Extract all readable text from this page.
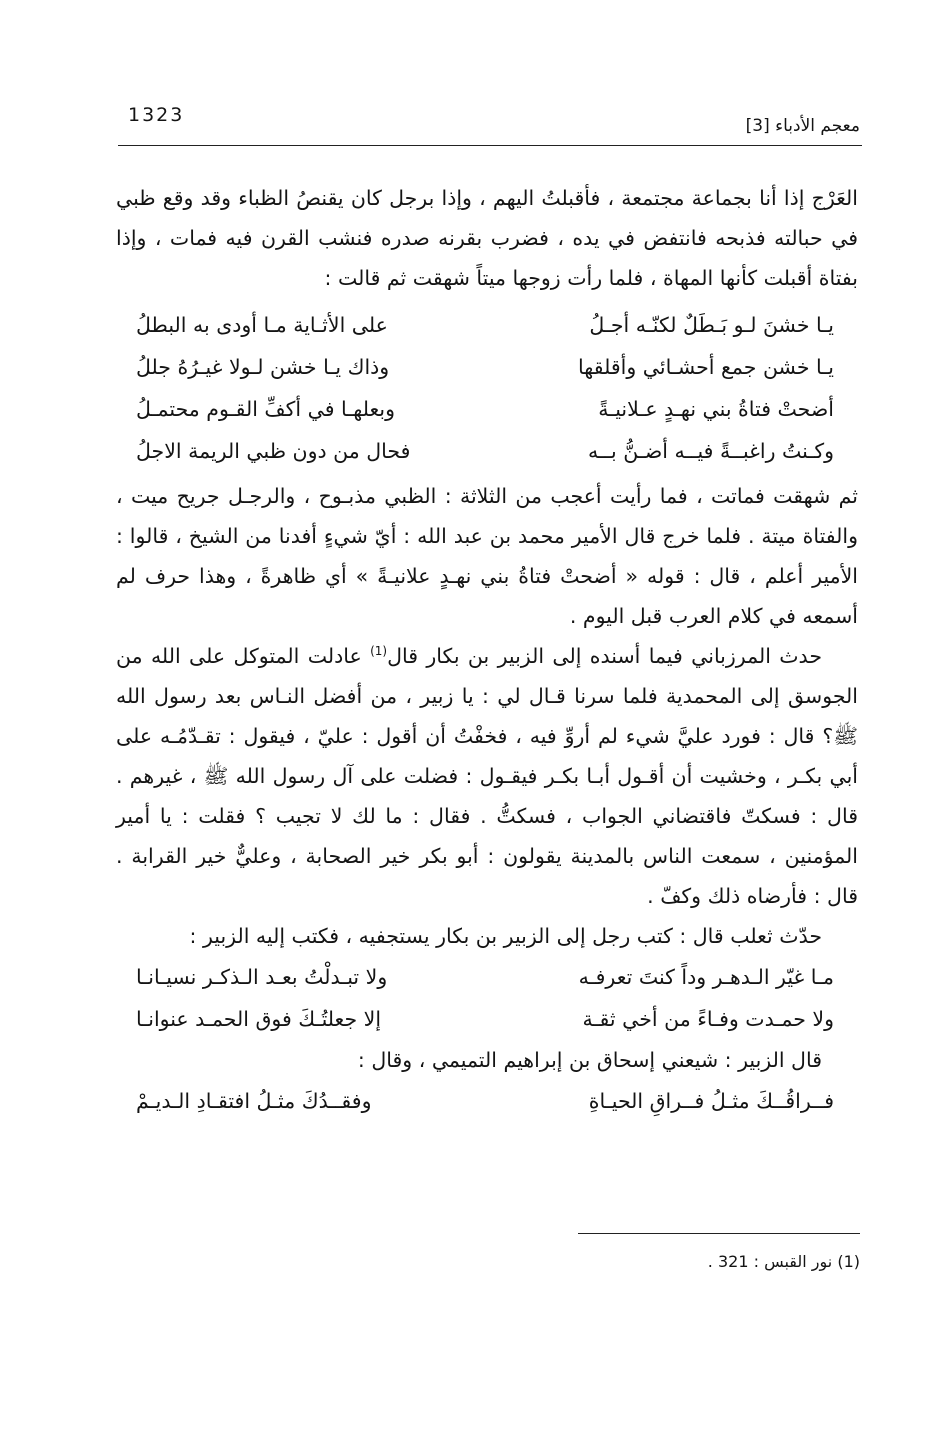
1323	معجم الأدباء [3]

العَرْج إذا أنا بجماعة مجتمعة ، فأقبلتُ اليهم ، وإذا برجل كان يقنصُ الظباء وقد وقع ظبي في حبالته فذبحه فانتفض في يده ، فضرب بقرنه صدره فنشب القرن فيه فمات ، وإذا بفتاة أقبلت كأنها المهاة ، فلما رأت زوجها ميتاً شهقت ثم قالت :

يـا خشنَ لـو بَـطَلٌ لكنّـه أجـلُ
على الأثـاية مـا أودى به البطلُ
يـا خشن جمع أحشـائي وأقلقها
وذاك يـا خشن لـولا غيـرُهُ جللُ
أضحتْ فتاةُ بني نهـدٍ عـلانيـةً
وبعلهـا في أكفِّ القـوم محتمـلُ
وكـنتُ راغبــةً فيــه أضـنُّ بــه
فحال من دون ظبي الريمة الاجلُ

ثم شهقت فماتت ، فما رأيت أعجب من الثلاثة : الظبي مذبـوح ، والرجـل جريح ميت ، والفتاة ميتة . فلما خرج قال الأمير محمد بن عبد الله : أيّ شيءٍ أفدنا من الشيخ ، قالوا : الأمير أعلم ، قال : قوله « أضحتْ فتاةُ بني نهـدٍ علانيـةً » أي ظاهرةً ، وهذا حرف لم أسمعه في كلام العرب قبل اليوم .

حدث المرزباني فيما أسنده إلى الزبير بن بكار قال$^{(1)}$ عادلت المتوكل على الله من الجوسق إلى المحمدية فلما سرنا قـال لي : يا زبير ، من أفضل النـاس بعد رسول الله ﷺ؟ قال : فورد عليَّ شيء لم أروِّ فيه ، فخفْتُ أن أقول : عليّ ، فيقول : تقـدّمُـه على أبي بكـر ، وخشيت أن أقـول أبـا بكـر فيقـول : فضلت على آل رسول الله ﷺ ، غيرهم . قال : فسكتّ فاقتضاني الجواب ، فسكتُّ . فقال : ما لك لا تجيب ؟ فقلت : يا أمير المؤمنين ، سمعت الناس بالمدينة يقولون : أبو بكر خير الصحابة ، وعليٌّ خير القرابة . قال : فأرضاه ذلك وكفّ .

حدّث ثعلب قال : كتب رجل إلى الزبير بن بكار يستجفيه ، فكتب إليه الزبير :

مـا غيّر الـدهـر وداً كنتَ تعرفـه
ولا تبـدلْتُ بعـد الـذكـر نسيـانـا
ولا حمـدت وفـاءً من أخي ثقـة
إلا جعلتُـكَ فوق الحمـد عنوانـا

قال الزبير : شيعني إسحاق بن إبراهيم التميمي ، وقال :

فــراقُــكَ مثـلُ فــراقِ الحيـاةِ
وفقــدُكَ مثـلُ افتقـادِ الـديـمْ
(1) نور القبس : 321 .
